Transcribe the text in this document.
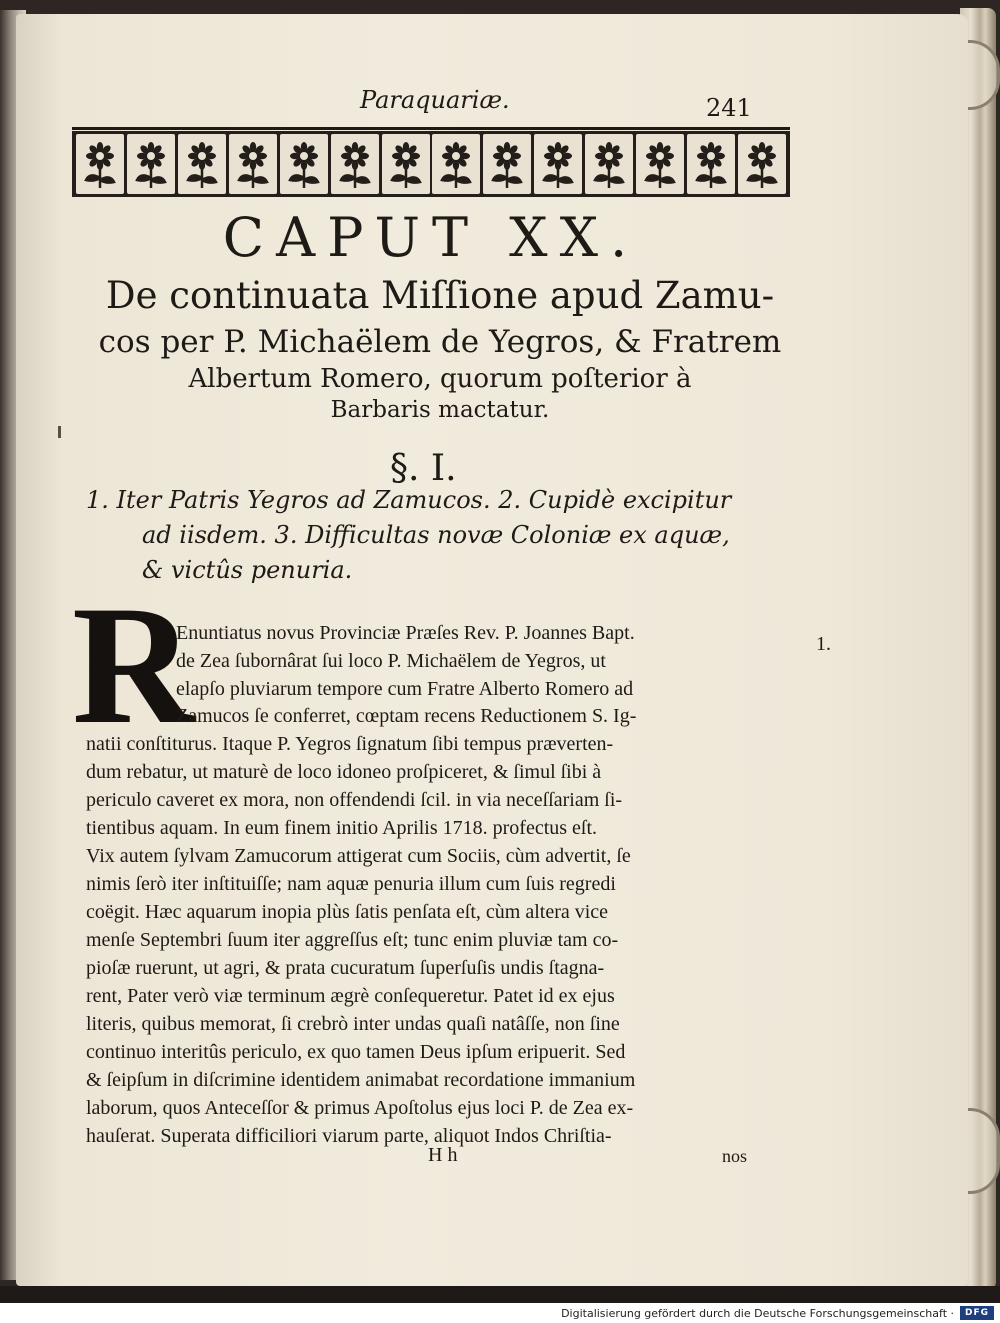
Paraquariæ.	241
CAPUT XX.
De continuata Miſſione apud Zamu-
cos per P. Michaëlem de Yegros, & Fratrem
Albertum Romero, quorum poſterior à
Barbaris mactatur.
§. I.
1. Iter Patris Yegros ad Zamucos. 2. Cupidè excipitur
ad iisdem. 3. Difficultas novæ Coloniæ ex aquæ,
& victûs penuria.
R	1.
Enuntiatus novus Provinciæ Præſes Rev. P. Joannes Bapt.
de Zea ſubornârat ſui loco P. Michaëlem de Yegros, ut
elapſo pluviarum tempore cum Fratre Alberto Romero ad
Zamucos ſe conferret, cœptam recens Reductionem S. Ig-
natii conſtiturus. Itaque P. Yegros ſignatum ſibi tempus præverten-
dum rebatur, ut maturè de loco idoneo proſpiceret, & ſimul ſibi à
periculo caveret ex mora, non offendendi ſcil. in via neceſſariam ſi-
tientibus aquam. In eum finem initio Aprilis 1718. profectus eſt.
Vix autem ſylvam Zamucorum attigerat cum Sociis, cùm advertit, ſe
nimis ſerò iter inſtituiſſe; nam aquæ penuria illum cum ſuis regredi
coëgit. Hæc aquarum inopia plùs ſatis penſata eſt, cùm altera vice
menſe Septembri ſuum iter aggreſſus eſt; tunc enim pluviæ tam co-
pioſæ ruerunt, ut agri, & prata cucuratum ſuperſuſis undis ſtagna-
rent, Pater verò viæ terminum ægrè conſequeretur. Patet id ex ejus
literis, quibus memorat, ſi crebrò inter undas quaſi natâſſe, non ſine
continuo interitûs periculo, ex quo tamen Deus ipſum eripuerit. Sed
& ſeipſum in diſcrimine identidem animabat recordatione immanium
laborum, quos Anteceſſor & primus Apoſtolus ejus loci P. de Zea ex-
hauſerat. Superata difficiliori viarum parte, aliquot Indos Chriſtia-
H h	nos
Digitalisierung gefördert durch die Deutsche Forschungsgemeinschaft ·	DFG
